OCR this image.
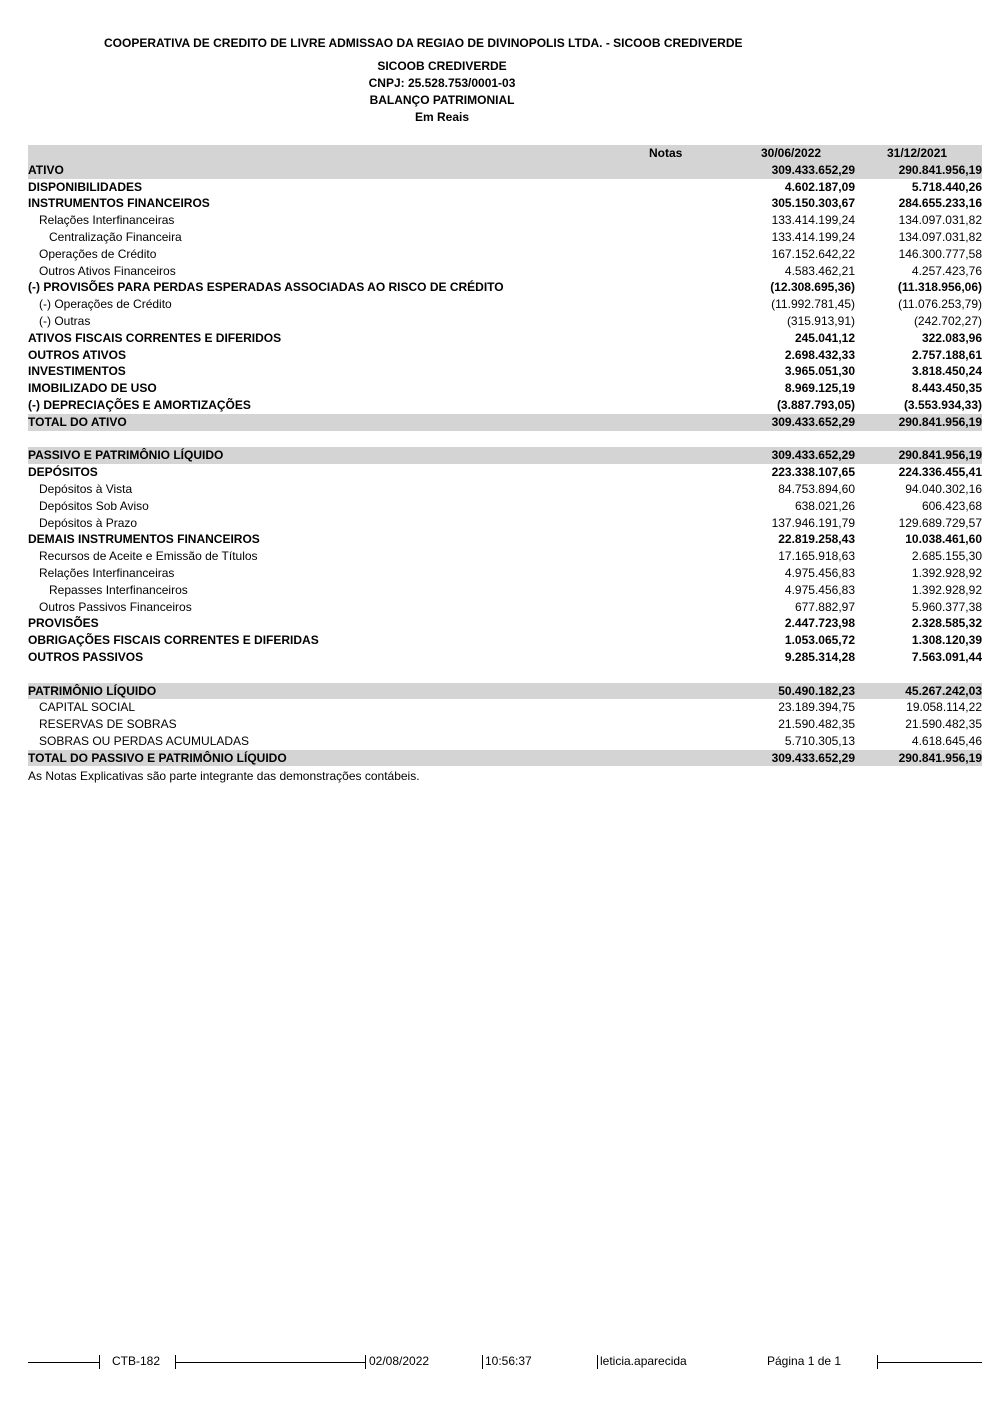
COOPERATIVA DE CREDITO DE LIVRE ADMISSAO DA REGIAO DE DIVINOPOLIS LTDA. - SICOOB CREDIVERDE
SICOOB CREDIVERDE
CNPJ: 25.528.753/0001-03
BALANÇO PATRIMONIAL
Em Reais
Notas	30/06/2022	31/12/2021
ATIVO	309.433.652,29	290.841.956,19
DISPONIBILIDADES	4.602.187,09	5.718.440,26
INSTRUMENTOS FINANCEIROS	305.150.303,67	284.655.233,16
Relações Interfinanceiras	133.414.199,24	134.097.031,82
Centralização Financeira	133.414.199,24	134.097.031,82
Operações de Crédito	167.152.642,22	146.300.777,58
Outros Ativos Financeiros	4.583.462,21	4.257.423,76
(-) PROVISÕES PARA PERDAS ESPERADAS ASSOCIADAS AO RISCO DE CRÉDITO	(12.308.695,36)	(11.318.956,06)
(-) Operações de Crédito	(11.992.781,45)	(11.076.253,79)
(-) Outras	(315.913,91)	(242.702,27)
ATIVOS FISCAIS CORRENTES E DIFERIDOS	245.041,12	322.083,96
OUTROS ATIVOS	2.698.432,33	2.757.188,61
INVESTIMENTOS	3.965.051,30	3.818.450,24
IMOBILIZADO DE USO	8.969.125,19	8.443.450,35
(-) DEPRECIAÇÕES E AMORTIZAÇÕES	(3.887.793,05)	(3.553.934,33)
TOTAL DO ATIVO	309.433.652,29	290.841.956,19
PASSIVO E PATRIMÔNIO LÍQUIDO	309.433.652,29	290.841.956,19
DEPÓSITOS	223.338.107,65	224.336.455,41
Depósitos à Vista	84.753.894,60	94.040.302,16
Depósitos Sob Aviso	638.021,26	606.423,68
Depósitos à Prazo	137.946.191,79	129.689.729,57
DEMAIS INSTRUMENTOS FINANCEIROS	22.819.258,43	10.038.461,60
Recursos de Aceite e Emissão de Títulos	17.165.918,63	2.685.155,30
Relações Interfinanceiras	4.975.456,83	1.392.928,92
Repasses Interfinanceiros	4.975.456,83	1.392.928,92
Outros Passivos Financeiros	677.882,97	5.960.377,38
PROVISÕES	2.447.723,98	2.328.585,32
OBRIGAÇÕES FISCAIS CORRENTES E DIFERIDAS	1.053.065,72	1.308.120,39
OUTROS PASSIVOS	9.285.314,28	7.563.091,44
PATRIMÔNIO LÍQUIDO	50.490.182,23	45.267.242,03
CAPITAL SOCIAL	23.189.394,75	19.058.114,22
RESERVAS DE SOBRAS	21.590.482,35	21.590.482,35
SOBRAS OU PERDAS ACUMULADAS	5.710.305,13	4.618.645,46
TOTAL DO PASSIVO E PATRIMÔNIO LÍQUIDO	309.433.652,29	290.841.956,19
As Notas Explicativas são parte integrante das demonstrações contábeis.
CTB-182	02/08/2022	10:56:37	leticia.aparecida	Página 1 de 1
